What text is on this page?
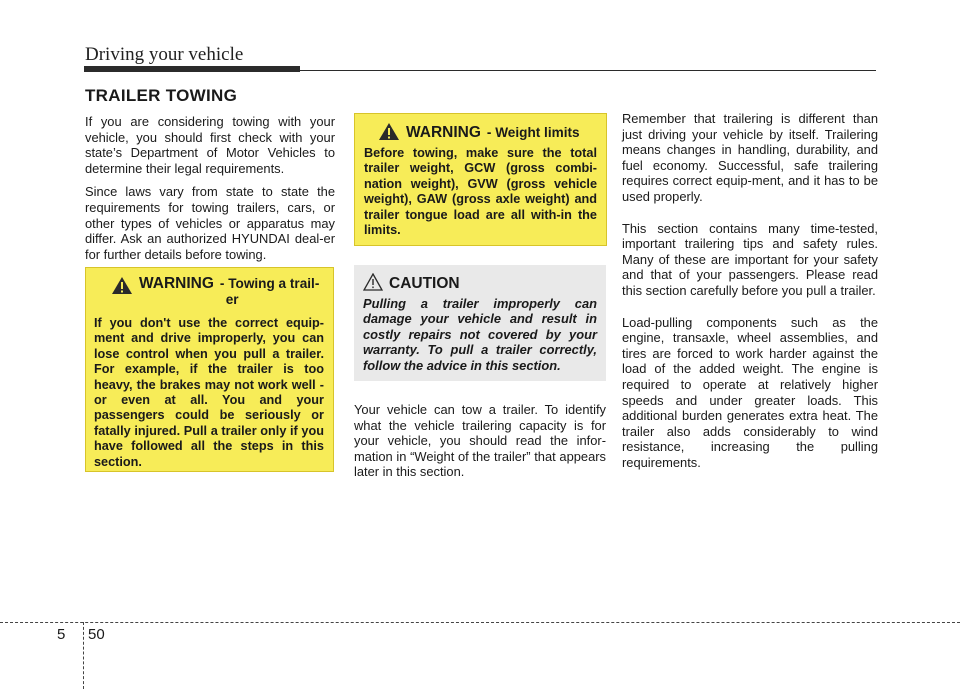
Driving your vehicle
TRAILER TOWING

If you are considering towing with your vehicle, you should first check with your state’s Department of Motor Vehicles to determine their legal requirements.

Since laws vary from state to state the requirements for towing trailers, cars, or other types of vehicles or apparatus may differ. Ask an authorized HYUNDAI deal-er for further details before towing.

WARNING - Towing a trail-
er
If you don't use the correct equip-ment and drive improperly, you can lose control when you pull a trailer. For example, if the trailer is too heavy, the brakes may not work well - or even at all. You and your passengers could be seriously or fatally injured. Pull a trailer only if you have followed all the steps in this section.
WARNING - Weight limits
Before towing, make sure the total trailer weight, GCW (gross combi-nation weight), GVW (gross vehicle weight), GAW (gross axle weight) and trailer tongue load are all with-in the limits.
CAUTION
Pulling a trailer improperly can damage your vehicle and result in costly repairs not covered by your warranty. To pull a trailer correctly, follow the advice in this section.

Your vehicle can tow a trailer. To identify what the vehicle trailering capacity is for your vehicle, you should read the infor-mation in “Weight of the trailer” that appears later in this section.

Remember that trailering is different than just driving your vehicle by itself. Trailering means changes in handling, durability, and fuel economy. Successful, safe trailering requires correct equip-ment, and it has to be used properly.

This section contains many time-tested, important trailering tips and safety rules. Many of these are important for your safety and that of your passengers. Please read this section carefully before you pull a trailer.

Load-pulling components such as the engine, transaxle, wheel assemblies, and tires are forced to work harder against the load of the added weight. The engine is required to operate at relatively higher speeds and under greater loads. This additional burden generates extra heat. The trailer also adds considerably to wind resistance, increasing the pulling requirements.

5 50
